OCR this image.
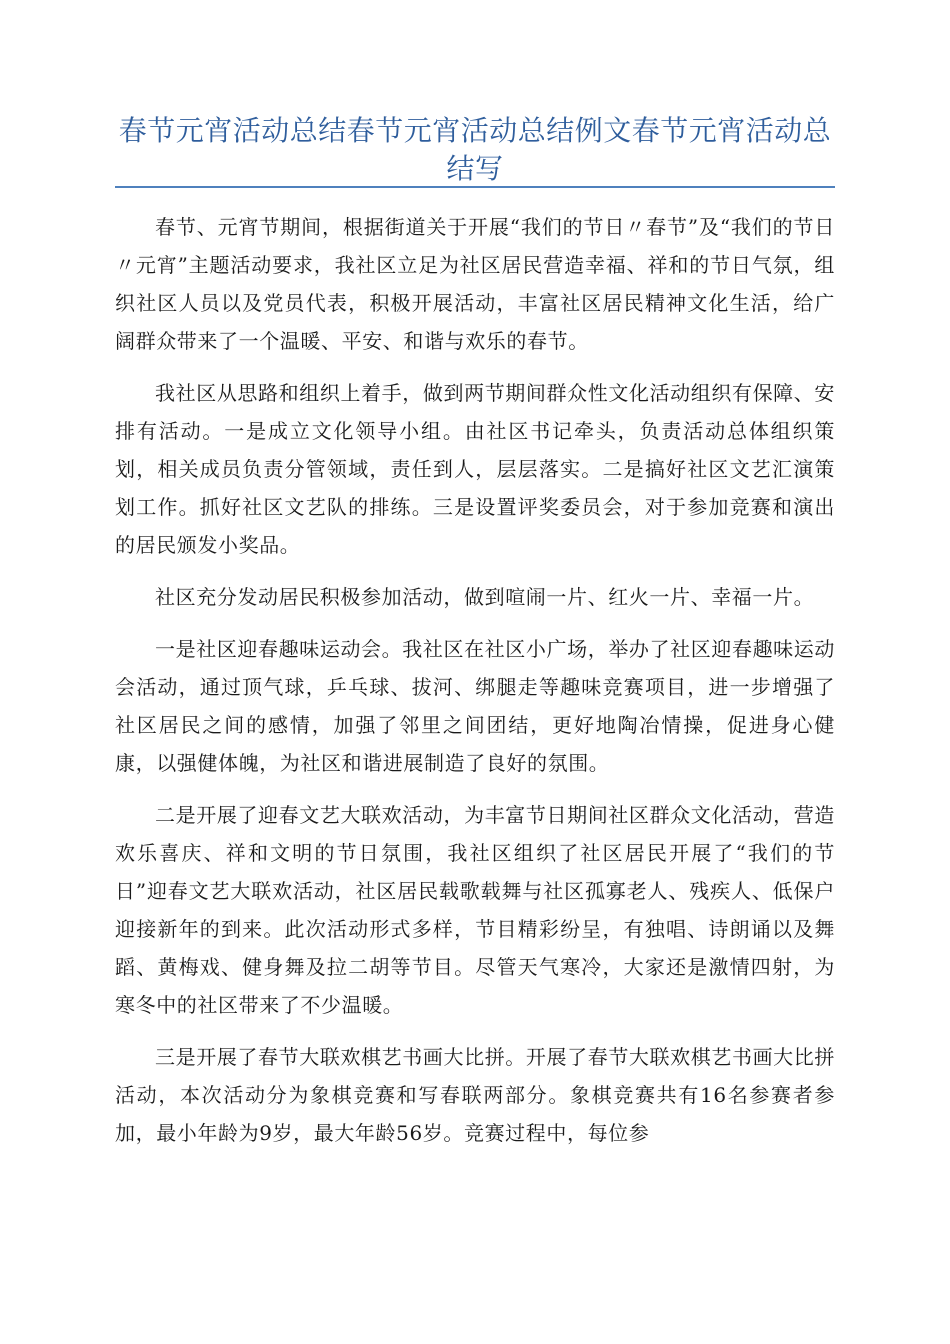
春节元宵活动总结春节元宵活动总结例文春节元宵活动总结写

春节、元宵节期间，根据街道关于开展“我们的节日〃春节”及“我们的节日〃元宵”主题活动要求，我社区立足为社区居民营造幸福、祥和的节日气氛，组织社区人员以及党员代表，积极开展活动，丰富社区居民精神文化生活，给广阔群众带来了一个温暖、平安、和谐与欢乐的春节。

我社区从思路和组织上着手，做到两节期间群众性文化活动组织有保障、安排有活动。一是成立文化领导小组。由社区书记牵头，负责活动总体组织策划，相关成员负责分管领域，责任到人，层层落实。二是搞好社区文艺汇演策划工作。抓好社区文艺队的排练。三是设置评奖委员会，对于参加竞赛和演出的居民颁发小奖品。

社区充分发动居民积极参加活动，做到喧闹一片、红火一片、幸福一片。

一是社区迎春趣味运动会。我社区在社区小广场，举办了社区迎春趣味运动会活动，通过顶气球，乒乓球、拔河、绑腿走等趣味竞赛项目，进一步增强了社区居民之间的感情，加强了邻里之间团结，更好地陶冶情操，促进身心健康，以强健体魄，为社区和谐进展制造了良好的氛围。

二是开展了迎春文艺大联欢活动，为丰富节日期间社区群众文化活动，营造欢乐喜庆、祥和文明的节日氛围，我社区组织了社区居民开展了“我们的节日”迎春文艺大联欢活动，社区居民载歌载舞与社区孤寡老人、残疾人、低保户迎接新年的到来。此次活动形式多样，节目精彩纷呈，有独唱、诗朗诵以及舞蹈、黄梅戏、健身舞及拉二胡等节目。尽管天气寒冷，大家还是激情四射，为寒冬中的社区带来了不少温暖。

三是开展了春节大联欢棋艺书画大比拼。开展了春节大联欢棋艺书画大比拼活动，本次活动分为象棋竞赛和写春联两部分。象棋竞赛共有16名参赛者参加，最小年龄为9岁，最大年龄56岁。竞赛过程中，每位参
